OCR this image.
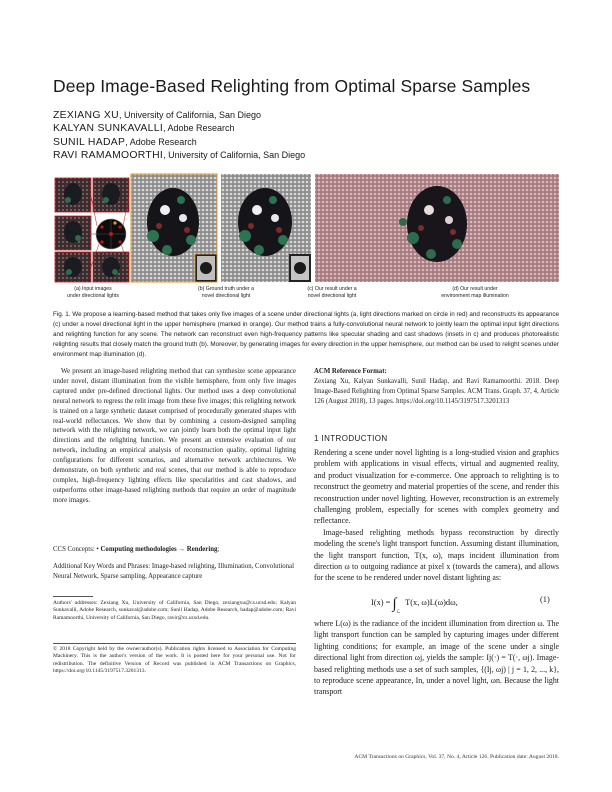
Deep Image-Based Relighting from Optimal Sparse Samples
ZEXIANG XU, University of California, San Diego
KALYAN SUNKAVALLI, Adobe Research
SUNIL HADAP, Adobe Research
RAVI RAMAMOORTHI, University of California, San Diego
(a) Input images
under directional lights
(b) Ground truth under a
novel directional light
(c) Our result under a
novel directional light
(d) Our result under
environment map illumination
Fig. 1. We propose a learning-based method that takes only five images of a scene under directional lights (a, light directions marked on circle in red) and reconstructs its appearance (c) under a novel directional light in the upper hemisphere (marked in orange). Our method trains a fully-convolutional neural network to jointly learn the optimal input light directions and relighting function for any scene. The network can reconstruct even high-frequency patterns like specular shading and cast shadows (insets in c) and produces photorealistic relighting results that closely match the ground truth (b). Moreover, by generating images for every direction in the upper hemisphere, our method can be used to relight scenes under environment map illumination (d).
We present an image-based relighting method that can synthesize scene appearance under novel, distant illumination from the visible hemisphere, from only five images captured under pre-defined directional lights. Our method uses a deep convolutional neural network to regress the relit image from these five images; this relighting network is trained on a large synthetic dataset comprised of procedurally generated shapes with real-world reflectances. We show that by combining a custom-designed sampling network with the relighting network, we can jointly learn both the optimal input light directions and the relighting function. We present an extensive evaluation of our network, including an empirical analysis of reconstruction quality, optimal lighting configurations for different scenarios, and alternative network architectures. We demonstrate, on both synthetic and real scenes, that our method is able to reproduce complex, high-frequency lighting effects like specularities and cast shadows, and outperforms other image-based relighting methods that require an order of magnitude more images.
CCS Concepts: • Computing methodologies → Rendering;
Additional Key Words and Phrases: Image-based relighting, Illumination, Convolutional Neural Network, Sparse sampling, Appearance capture
Authors' addresses: Zexiang Xu, University of California, San Diego, zexiangxu@cs.ucsd.edu; Kalyan Sunkavalli, Adobe Research, sunkaval@adobe.com; Sunil Hadap, Adobe Research, hadap@adobe.com; Ravi Ramamoorthi, University of California, San Diego, ravir@cs.ucsd.edu.
© 2018 Copyright held by the owner/author(s). Publication rights licensed to Association for Computing Machinery. This is the author's version of the work. It is posted here for your personal use. Not for redistribution. The definitive Version of Record was published in ACM Transactions on Graphics, https://doi.org/10.1145/3197517.3201313.
ACM Reference Format:
Zexiang Xu, Kalyan Sunkavalli, Sunil Hadap, and Ravi Ramamoorthi. 2018. Deep Image-Based Relighting from Optimal Sparse Samples. ACM Trans. Graph. 37, 4, Article 126 (August 2018), 13 pages. https://doi.org/10.1145/3197517.3201313
1 INTRODUCTION

Rendering a scene under novel lighting is a long-studied vision and graphics problem with applications in visual effects, virtual and augmented reality, and product visualization for e-commerce. One approach to relighting is to reconstruct the geometry and material properties of the scene, and render this reconstruction under novel lighting. However, reconstruction is an extremely challenging problem, especially for scenes with complex geometry and reflectance.

Image-based relighting methods bypass reconstruction by directly modeling the scene's light transport function. Assuming distant illumination, the light transport function, T(x, ω), maps incident illumination from direction ω to outgoing radiance at pixel x (towards the camera), and allows for the scene to be rendered under novel distant lighting as:

$I(x) = \int_ℒ$ T(x, ω)L(ω)dω,	(1)

where L(ω) is the radiance of the incident illumination from direction ω. The light transport function can be sampled by capturing images under different lighting conditions; for example, an image of the scene under a single directional light from direction ωj, yields the sample: Ij(·) = T(·, ωj). Image-based relighting methods use a set of such samples, {(Ij, ωj) | j = 1, 2, ..., k}, to reproduce scene appearance, In, under a novel light, ωn. Because the light transport

ACM Transactions on Graphics, Vol. 37, No. 4, Article 126. Publication date: August 2018.
